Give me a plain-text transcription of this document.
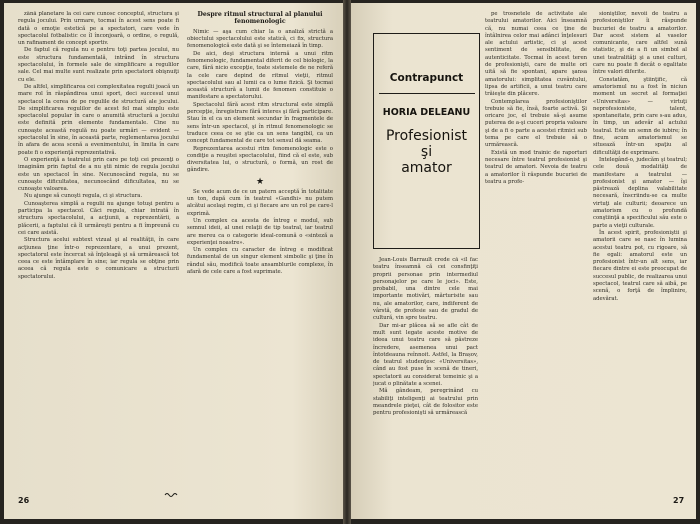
zână planetare la cei care cunosc conceptul, structura şi regula jocului. Prin urmare, tocmai în acest sens poate fi dată o emoţie estetică pe a spectatori, care vede în spectacolul fotbalistic ce îl înconjoară, o ordine, o regulă, un rafinament de concept sportiv.

De faptul că regula nu e pentru toţi partea jocului, nu este structura fundamentală, intrând în structura spectacolului, în formele sale de simplificare a regulilor sale. Cel mai multe sunt realizate prin spectatorii obişnuiţi cu ele.

De altfel, simplificarea cei complexitatea regulii joacă un mare rol în răspândirea unui sport, deci succesul unui spectacol la cerea de pe regulile de structură ale jocului. De simplificarea regulilor de acest fel mai simplu este spectacolul popular în care o anumită structură a jocului este definită prin elemente fundamentale. Cine nu cunoaşte această regulă nu poate urmări — evident — spectacolul în sine, în această parte, reglementarea jocului în afara de acea scenă a evenimentului, în limita în care poate fi o experienţă reprezentativă.

O experienţă a teatrului prin care pe toţi cei prezenţi o imaginăm prin faptul de a nu ştii nimic de regula jocului este un spectacol în sine. Necunoscând regula, nu se cunoaşte dificultatea, necunoscând dificultatea, nu se cunoaşte valoarea.

Nu ajunge să cunoşti regula, ci şi structura.

Cunoaşterea simplă a regulii nu ajunge totuşi pentru a participa la spectacol. Căci regula, chiar intrată în structura spectacolului, a acţiunii, a reprezentării, a plăcerii, a faptului că îl urmăreşti pentru a fi împreună cu cei care asistă.

Structura acelui subtext vizual şi al realităţii, în care acţiunea ţine într-o reprezentare, a unui prezent, spectatorul este încercat să înţeleagă şi să urmărească tot ceea ce este întâmplare în sine; iar regula se obţine prin aceea că regula este o comunicare a structurii spectatorului.

Despre ritmul structural al planului fenomenologic

Nimic — aşa cum chiar la o analiză strictă a obiectului spectacolului este statică, ci fix, structura fenomenologică este dată şi se întemeiază în timp.

De aici, deşi structura internă a unui ritm fenomenologic, fundamental diferit de cel biologic, la care, fără nicio excepţie, toate sistemele de ne referă la cele care depind de ritmul vieţii, ritmul spectacolului sau al lumii ca o lume fizică. Şi tocmai această structură a lumii de fenomen constituie o manifestare a spectatorului.

Spectacolul fără acest ritm structural este simplă percepţie, înregistrare fără interes şi fără participare. Stau în el ca un element secundar în fragmentele de sens într-un spectacol, şi în ritmul fenomenologic se traduce ceea ce se ştie ca un sens tangibil, ca un concept fundamental de care tot sensul dă seama.

Reprezentarea acestui ritm fenomenologic este o condiţie a reuşitei spectacolului, fiind că el este, sub diversitatea lui, o structură, o formă, un rost de gândire.

★

Se vede acum de ce un patern acceptă în totalitate un ton, după cum în teatrul «Gandhi» nu putem alcătui acelaşi regim, ci şi fiecare are un rol pe care-l exprimă.

Un complex ca acesta de întreg e modul, sub semnul ideii, al unei relaţii de tip teatral, iar teatrul are mereu ca o categorie ideal-comună o «sinteză a experienţei noastre».

Un complex cu caracter de întreg e modificat fundamental de un singur element simbolic şi ţine în rândul său, modifică toate ansamblurile complexe, în afară de cele care a fost suprimate.

26
Contrapunct
HORIA DELEANU
Profesionist
şi
amator

Jean-Louis Barrault crede că «îl fac teatru înseamnă că cei consfinţiţi proprii personae prin intermediul personajelor pe care le joci». Este, probabil, una dintre cele mai importante motivări, mărturisite sau nu, ale amatorilor, care, indiferent de vârstă, de profesie sau de gradul de cultură, vin spre teatru.

Dar mi-ar plăcea să se afle cât de mult sunt legate aceste motive de ideea unui teatru care să păstreze încredere, asemenea unui pact întotdeauna reînnoit. Astfel, la Brașov, de teatrul studenţesc «Universitas», când au fost puse în scenă de tineri, spectatorii au considerat temeinic şi a jucat o plinătate a scenei.

Mă gândeam, peregrinând cu stabiliţi inteligenţi ai teatrului prin meandrele pieţei, cât de folositor este pentru profesionişti să urmărească

pe trosnetele de activitate ale teatrului amatorilor. Aici înseamnă că, nu numai ceea ce ţine de întâlnirea celor mai adânci înţelesuri ale actului artistic, ci şi acest sentiment de sensibilitate, de autenticitate. Tocmai în acest teren de profesionişti, care de multe ori uită să fie spontani, apare şansa amatorului: simplitatea cuvântului, lipsa de artificii, a unui teatru care trăieşte din plăcere.

Contemplarea profesioniştilor trebuie să fie, însă, foarte activă. Şi oricare joc, el trebuie să-şi asume puterea de a-şi cuceri propria valoare şi de a fi o parte a acestei ritmici sub tema pe care el trebuie să o urmărească.

Există un mod trainic de raporturi necesare între teatrul profesionist şi teatrul de amatori. Nevoia de teatru a amatorilor îi răspunde bucuriei de teatru a profe-

sioniştilor, nevoii de teatru a profesioniştilor îi răspunde bucuriei de teatru a amatorilor. Dar acest sistem al vaselor comunicante, care altfel sună statistic, şi de a fi un simbol al unei teatralităţi şi a unei culturi, care nu poate fi decât o egalitate între valori diferite.

Constatăm, ştiinţific, că amatorismul nu a fost în niciun moment un secret al formaţiei «Universitas» — virtuţi neprofesioniste, talent, spontaneitate, prin care s-au adus, în timp, un adevăr al actului teatral. Este un semn de iubire; în fine, acum amatorismul se situează într-un spaţiu al dificultăţii de exprimare.

Intelegând-o, judecăm şi teatrul; cele două modalităţi de manifestare a teatrului — profesionist şi amator — îşi păstrează deplina valabilitate necesară, înscriindu-se ca multe virtuţi ale culturii; deoarece un amatorism cu o profundă conştiinţă a specificului său este o parte a vieţii culturale.

În acest spirit, profesioniştii şi amatorii care se nasc în lumina acestui teatru pot, cu rigoare, să fie egali: amatorul este un profesionist într-un alt sens, iar fiecare dintre ei este preocupat de succesul public, de realizarea unui spectacol, teatrul care să aibă, pe scenă, o forţă de împlinire, adevărat.

27
